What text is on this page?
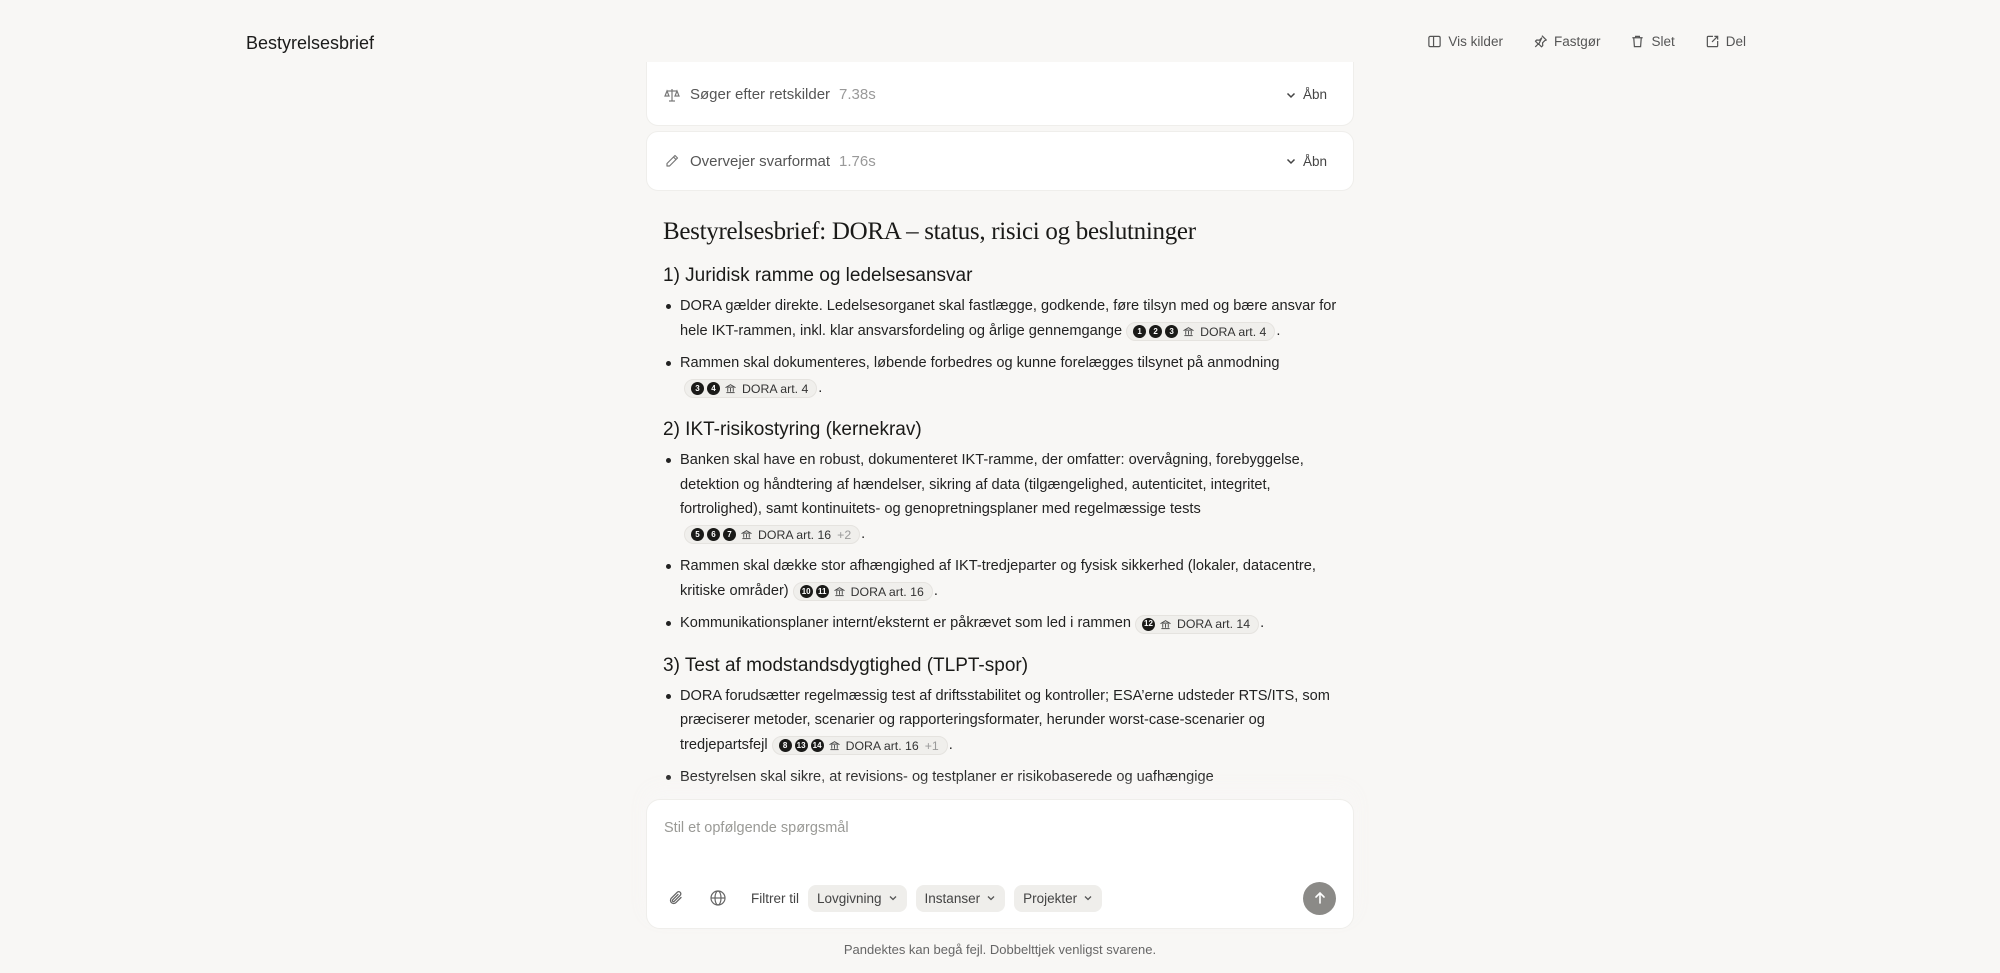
Bestyrelsesbrief	Vis kilder	Fastgør	Slet	Del
Søger efter retskilder 7.38s	Åbn
Overvejer svarformat 1.76s	Åbn
Bestyrelsesbrief: DORA – status, risici og beslutninger
1) Juridisk ramme og ledelsesansvar
DORA gælder direkte. Ledelsesorganet skal fastlægge, godkende, føre tilsyn med og bære ansvar for hele IKT-rammen, inkl. klar ansvarsfordeling og årlige gennemgange	1	2	3	DORA art. 4 .
Rammen skal dokumenteres, løbende forbedres og kunne forelægges tilsynet på anmodning
3	4	DORA art. 4 .
2) IKT-risikostyring (kernekrav)
Banken skal have en robust, dokumenteret IKT-ramme, der omfatter: overvågning, forebyggelse, detektion og håndtering af hændelser, sikring af data (tilgængelighed, autenticitet, integritet, fortrolighed), samt kontinuitets- og genopretningsplaner med regelmæssige tests
5	6	7	DORA art. 16 +2 .
Rammen skal dække stor afhængighed af IKT-tredjeparter og fysisk sikkerhed (lokaler, datacentre, kritiske områder) 10 11 DORA art. 16 .
Kommunikationsplaner internt/eksternt er påkrævet som led i rammen 12 DORA art. 14 .
3) Test af modstandsdygtighed (TLPT-spor)
DORA forudsætter regelmæssig test af driftsstabilitet og kontroller; ESA’erne udsteder RTS/ITS, som præciserer metoder, scenarier og rapporteringsformater, herunder worst-case-scenarier og tredjepartsfejl	8	13 14 DORA art. 16 +1 .
Bestyrelsen skal sikre, at revisions- og testplaner er risikobaserede og uafhængige
Stil et opfølgende spørgsmål
Filtrer til Lovgivning	Instanser	Projekter
Pandektes kan begå fejl. Dobbelttjek venligst svarene.
